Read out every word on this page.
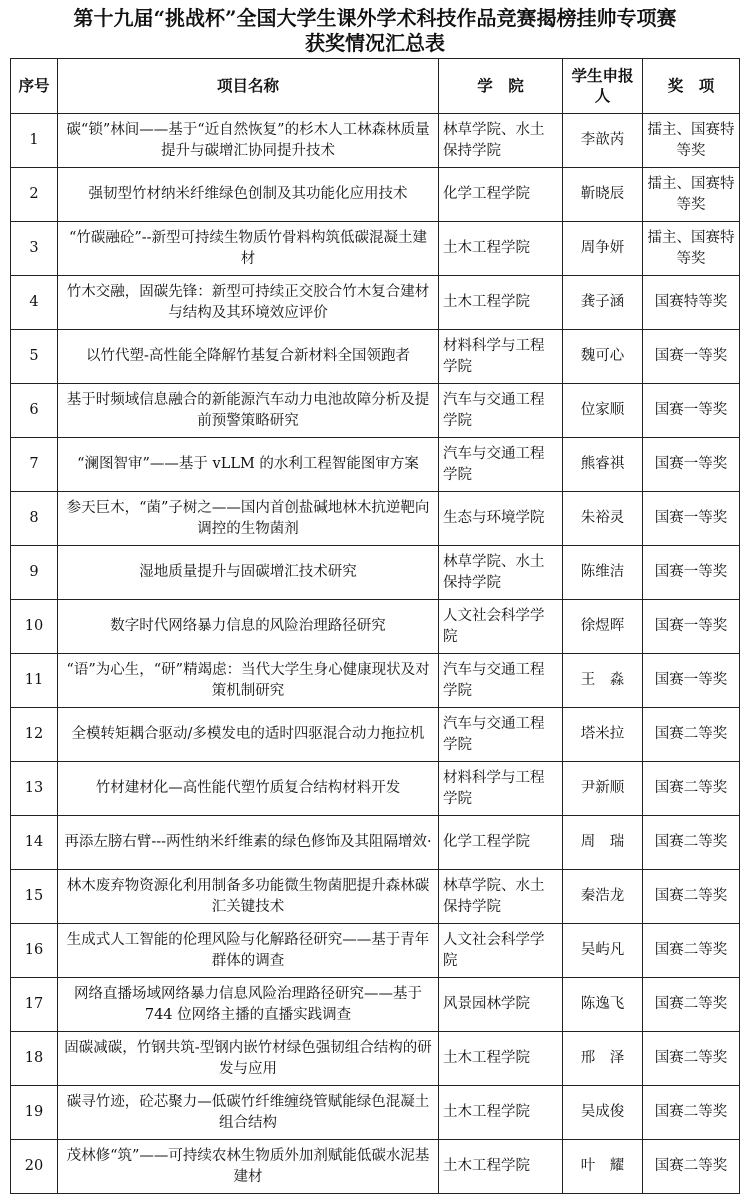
第十九届“挑战杯”全国大学生课外学术科技作品竞赛揭榜挂帅专项赛
获奖情况汇总表
序号	项目名称	学　院	学生申报人	奖　项
1	碳“锁”林间——基于“近自然恢复”的杉木人工林森林质量提升与碳增汇协同提升技术	林草学院、水土保持学院	李歆芮	擂主、国赛特等奖
2	强韧型竹材纳米纤维绿色创制及其功能化应用技术	化学工程学院	靳晓辰	擂主、国赛特等奖
3	“竹碳融砼”--新型可持续生物质竹骨料构筑低碳混凝土建材	土木工程学院	周争妍	擂主、国赛特等奖
4	竹木交融，固碳先锋：新型可持续正交胶合竹木复合建材与结构及其环境效应评价	土木工程学院	龚子涵	国赛特等奖
5	以竹代塑-高性能全降解竹基复合新材料全国领跑者	材料科学与工程学院	魏可心	国赛一等奖
6	基于时频域信息融合的新能源汽车动力电池故障分析及提前预警策略研究	汽车与交通工程学院	位家顺	国赛一等奖
7	“澜图智审”——基于 vLLM 的水利工程智能图审方案	汽车与交通工程学院	熊睿祺	国赛一等奖
8	参天巨木，“菌”子树之——国内首创盐碱地林木抗逆靶向调控的生物菌剂	生态与环境学院	朱裕灵	国赛一等奖
9	湿地质量提升与固碳增汇技术研究	林草学院、水土保持学院	陈维洁	国赛一等奖
10	数字时代网络暴力信息的风险治理路径研究	人文社会科学学院	徐煜晖	国赛一等奖
11	“语”为心生，“研”精竭虑：当代大学生身心健康现状及对策机制研究	汽车与交通工程学院	王　淼	国赛一等奖
12	全模转矩耦合驱动/多模发电的适时四驱混合动力拖拉机	汽车与交通工程学院	塔米拉	国赛二等奖
13	竹材建材化—高性能代塑竹质复合结构材料开发	材料科学与工程学院	尹新顺	国赛二等奖
14	再添左膀右臂---两性纳米纤维素的绿色修饰及其阻隔增效·	化学工程学院	周　瑞	国赛二等奖
15	林木废弃物资源化利用制备多功能微生物菌肥提升森林碳汇关键技术	林草学院、水土保持学院	秦浩龙	国赛二等奖
16	生成式人工智能的伦理风险与化解路径研究——基于青年群体的调查	人文社会科学学院	吴屿凡	国赛二等奖
17	网络直播场域网络暴力信息风险治理路径研究——基于 744 位网络主播的直播实践调查	风景园林学院	陈逸飞	国赛二等奖
18	固碳减碳，竹钢共筑-型钢内嵌竹材绿色强韧组合结构的研发与应用	土木工程学院	邢　泽	国赛二等奖
19	碳寻竹迹，砼芯聚力—低碳竹纤维缠绕管赋能绿色混凝土组合结构	土木工程学院	吴成俊	国赛二等奖
20	茂林修“筑”——可持续农林生物质外加剂赋能低碳水泥基建材	土木工程学院	叶　耀	国赛二等奖
